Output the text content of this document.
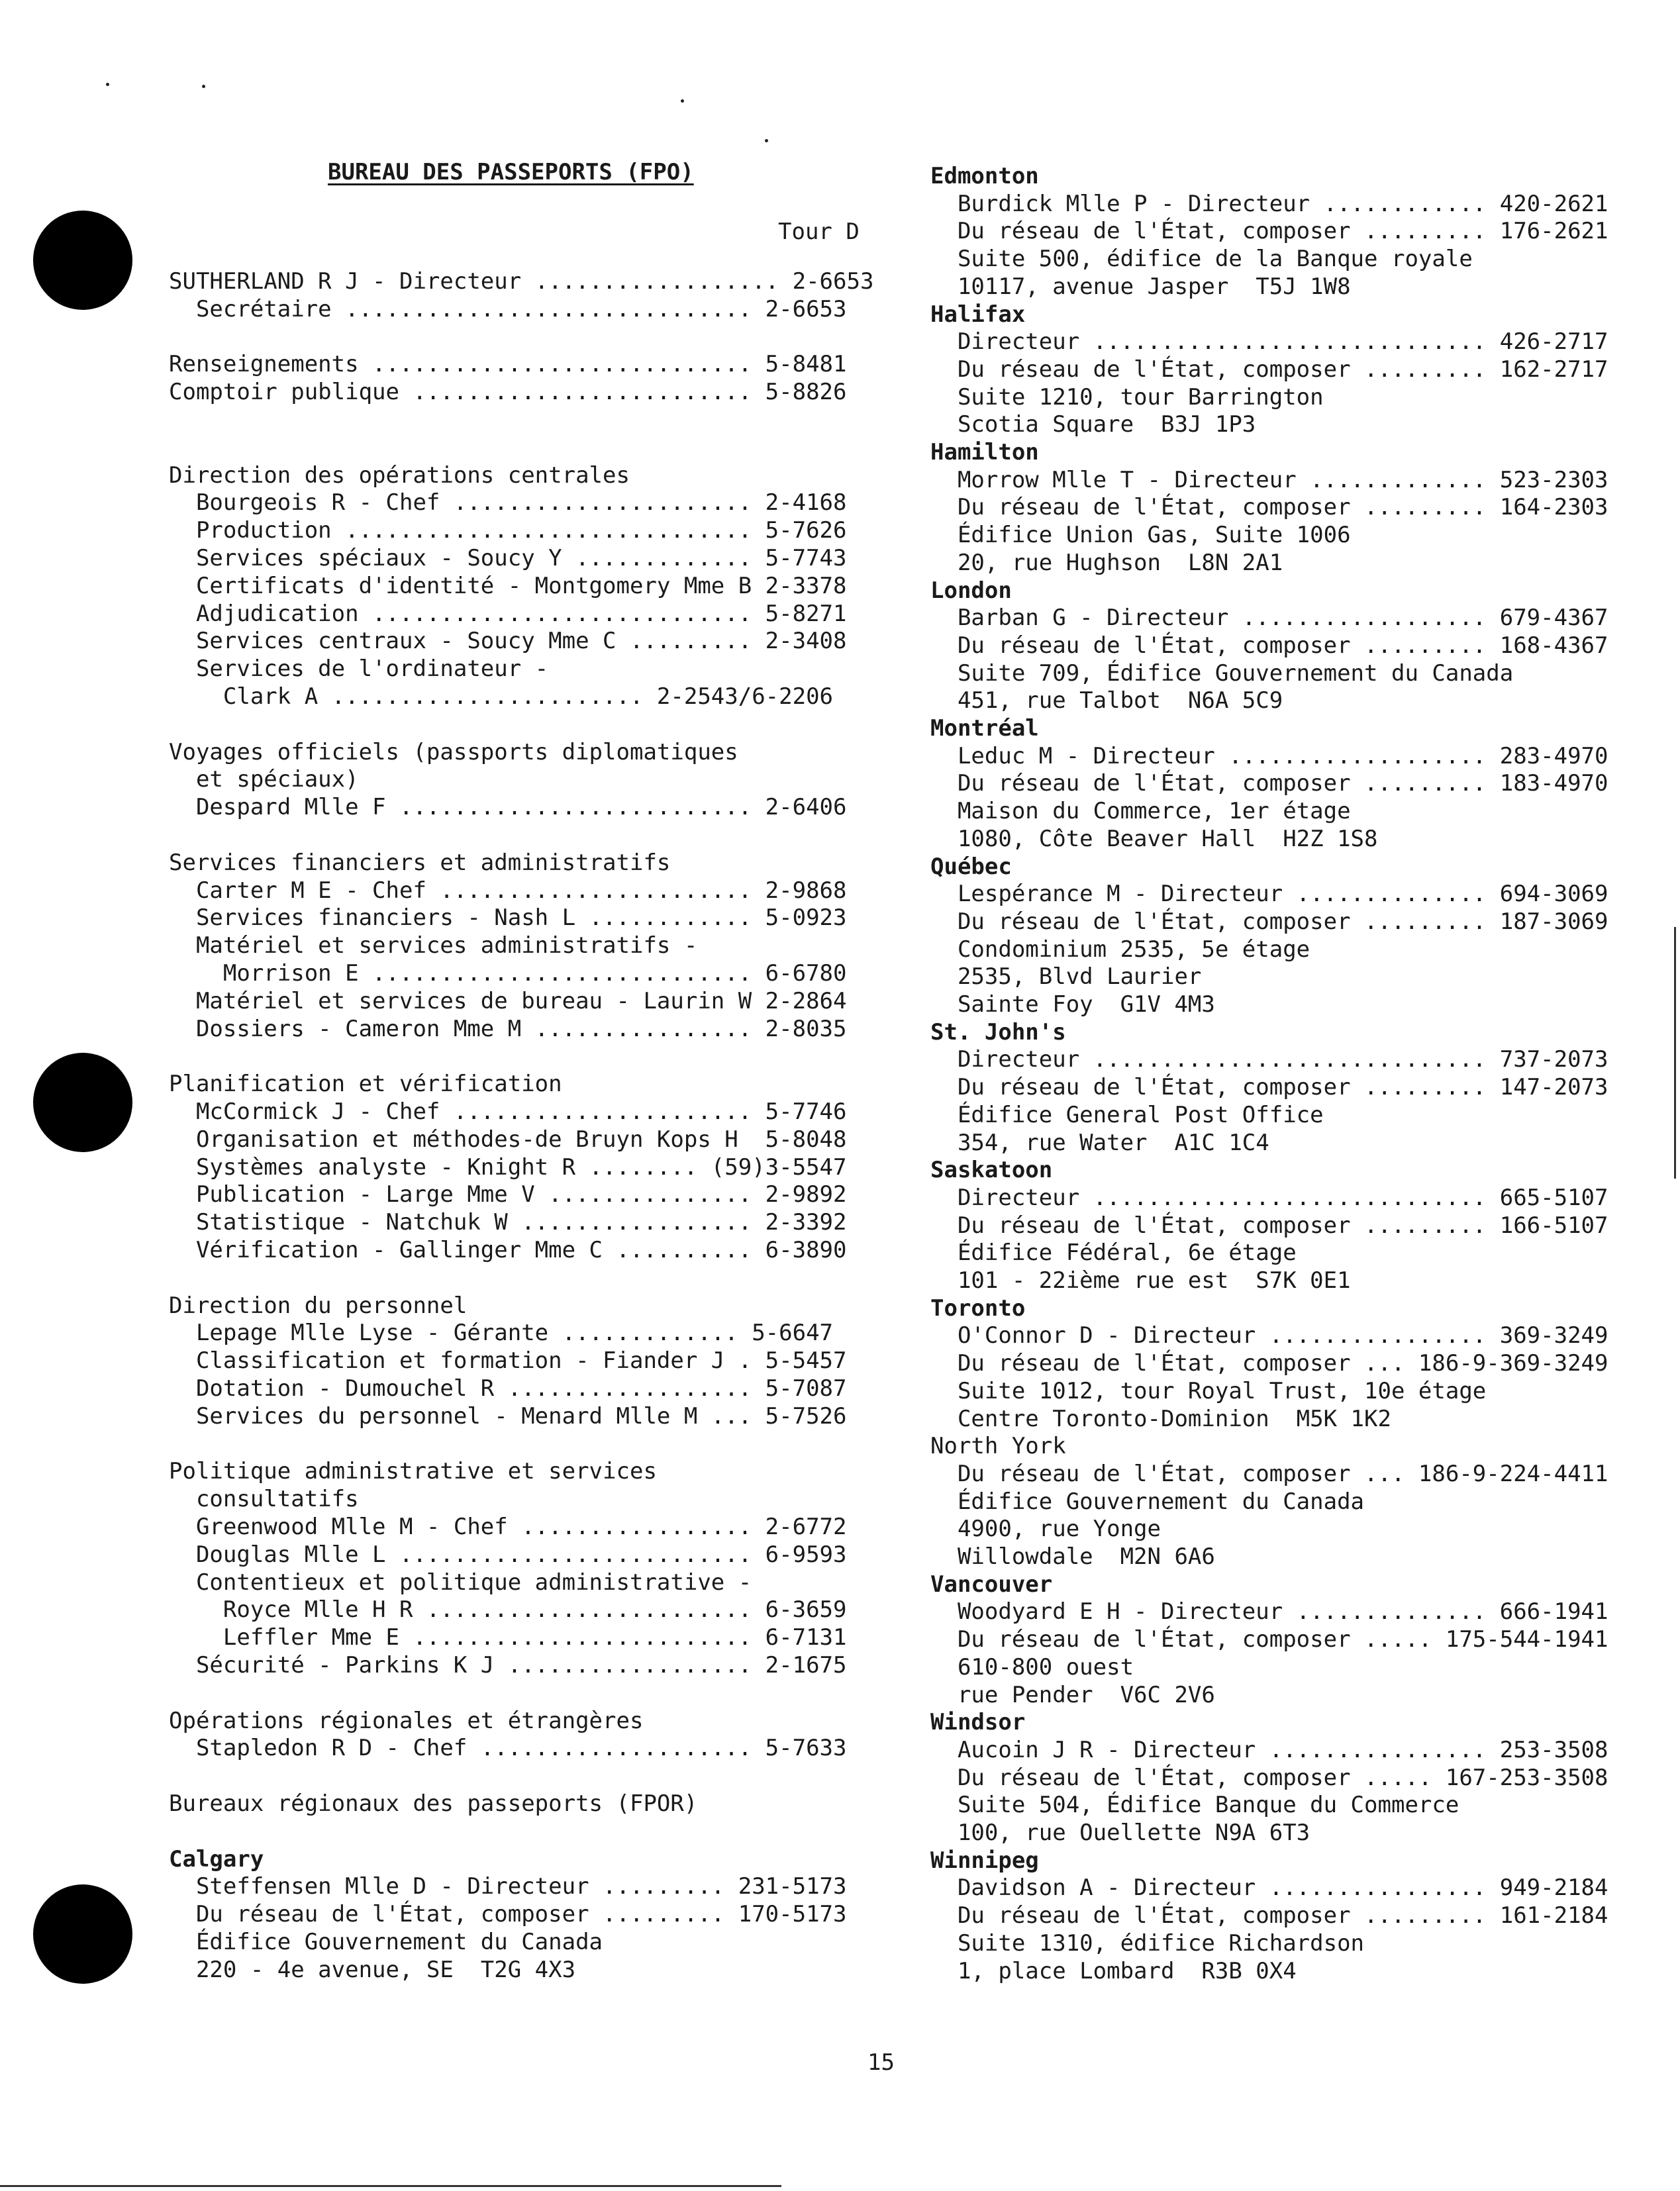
BUREAU DES PASSEPORTS (FPO)
Tour D
SUTHERLAND R J - Directeur .................. 2-6653
Secrétaire .............................. 2-6653
Renseignements ............................ 5-8481
Comptoir publique ......................... 5-8826
Direction des opérations centrales
Bourgeois R - Chef ...................... 2-4168
Production .............................. 5-7626
Services spéciaux - Soucy Y ............. 5-7743
Certificats d'identité - Montgomery Mme B 2-3378
Adjudication ............................ 5-8271
Services centraux - Soucy Mme C ......... 2-3408
Services de l'ordinateur -
Clark A ....................... 2-2543/6-2206
Voyages officiels (passports diplomatiques
et spéciaux)
Despard Mlle F .......................... 2-6406
Services financiers et administratifs
Carter M E - Chef ....................... 2-9868
Services financiers - Nash L ............ 5-0923
Matériel et services administratifs -
Morrison E ............................ 6-6780
Matériel et services de bureau - Laurin W 2-2864
Dossiers - Cameron Mme M ................ 2-8035
Planification et vérification
McCormick J - Chef ...................... 5-7746
Organisation et méthodes-de Bruyn Kops H  5-8048
Systèmes analyste - Knight R ........ (59)3-5547
Publication - Large Mme V ............... 2-9892
Statistique - Natchuk W ................. 2-3392
Vérification - Gallinger Mme C .......... 6-3890
Direction du personnel
Lepage Mlle Lyse - Gérante ............. 5-6647
Classification et formation - Fiander J . 5-5457
Dotation - Dumouchel R .................. 5-7087
Services du personnel - Menard Mlle M ... 5-7526
Politique administrative et services
consultatifs
Greenwood Mlle M - Chef ................. 2-6772
Douglas Mlle L .......................... 6-9593
Contentieux et politique administrative -
Royce Mlle H R ........................ 6-3659
Leffler Mme E ......................... 6-7131
Sécurité - Parkins K J .................. 2-1675
Opérations régionales et étrangères
Stapledon R D - Chef .................... 5-7633
Bureaux régionaux des passeports (FPOR)
Calgary
Steffensen Mlle D - Directeur ......... 231-5173
Du réseau de l'État, composer ......... 170-5173
Édifice Gouvernement du Canada
220 - 4e avenue, SE  T2G 4X3
Edmonton
Burdick Mlle P - Directeur ............ 420-2621
Du réseau de l'État, composer ......... 176-2621
Suite 500, édifice de la Banque royale
10117, avenue Jasper  T5J 1W8
Halifax
Directeur ............................. 426-2717
Du réseau de l'État, composer ......... 162-2717
Suite 1210, tour Barrington
Scotia Square  B3J 1P3
Hamilton
Morrow Mlle T - Directeur ............. 523-2303
Du réseau de l'État, composer ......... 164-2303
Édifice Union Gas, Suite 1006
20, rue Hughson  L8N 2A1
London
Barban G - Directeur .................. 679-4367
Du réseau de l'État, composer ......... 168-4367
Suite 709, Édifice Gouvernement du Canada
451, rue Talbot  N6A 5C9
Montréal
Leduc M - Directeur ................... 283-4970
Du réseau de l'État, composer ......... 183-4970
Maison du Commerce, 1er étage
1080, Côte Beaver Hall  H2Z 1S8
Québec
Lespérance M - Directeur .............. 694-3069
Du réseau de l'État, composer ......... 187-3069
Condominium 2535, 5e étage
2535, Blvd Laurier
Sainte Foy  G1V 4M3
St. John's
Directeur ............................. 737-2073
Du réseau de l'État, composer ......... 147-2073
Édifice General Post Office
354, rue Water  A1C 1C4
Saskatoon
Directeur ............................. 665-5107
Du réseau de l'État, composer ......... 166-5107
Édifice Fédéral, 6e étage
101 - 22ième rue est  S7K 0E1
Toronto
O'Connor D - Directeur ................ 369-3249
Du réseau de l'État, composer ... 186-9-369-3249
Suite 1012, tour Royal Trust, 10e étage
Centre Toronto-Dominion  M5K 1K2
North York
Du réseau de l'État, composer ... 186-9-224-4411
Édifice Gouvernement du Canada
4900, rue Yonge
Willowdale  M2N 6A6
Vancouver
Woodyard E H - Directeur .............. 666-1941
Du réseau de l'État, composer ..... 175-544-1941
610-800 ouest
rue Pender  V6C 2V6
Windsor
Aucoin J R - Directeur ................ 253-3508
Du réseau de l'État, composer ..... 167-253-3508
Suite 504, Édifice Banque du Commerce
100, rue Ouellette N9A 6T3
Winnipeg
Davidson A - Directeur ................ 949-2184
Du réseau de l'État, composer ......... 161-2184
Suite 1310, édifice Richardson
1, place Lombard  R3B 0X4
15
